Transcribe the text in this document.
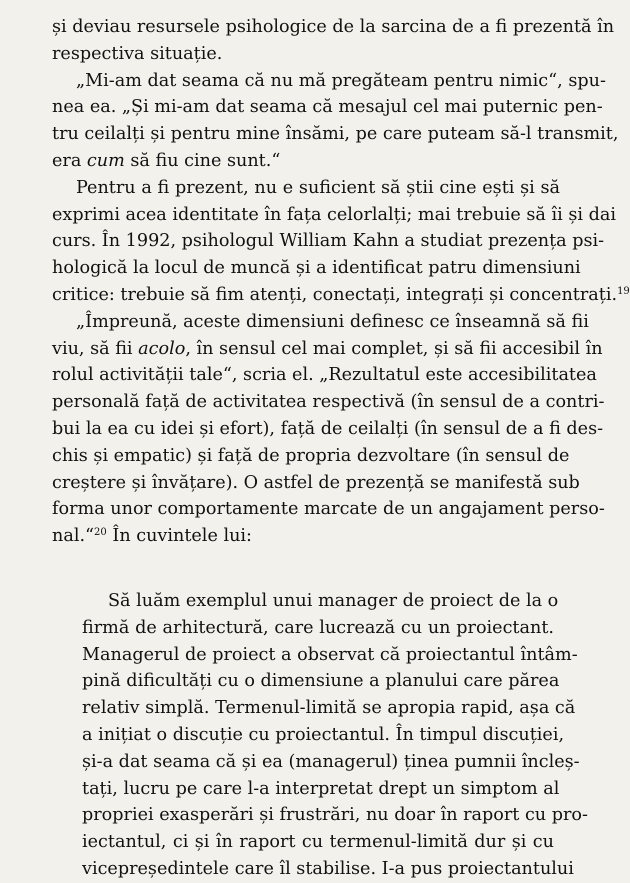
și deviau resursele psihologice de la sarcina de a fi prezentă în
respectiva situație.
„Mi-am dat seama că nu mă pregăteam pentru nimic“, spu-
nea ea. „Și mi-am dat seama că mesajul cel mai puternic pen-
tru ceilalți și pentru mine însămi, pe care puteam să-l transmit,
era cum să fiu cine sunt.“
Pentru a fi prezent, nu e suficient să știi cine ești și să
exprimi acea identitate în fața celorlalți; mai trebuie să îi și dai
curs. În 1992, psihologul William Kahn a studiat prezența psi-
hologică la locul de muncă și a identificat patru dimensiuni
critice: trebuie să fim atenți, conectați, integrați și concentrați.$^{19}$
„Împreună, aceste dimensiuni definesc ce înseamnă să fii
viu, să fii acolo, în sensul cel mai complet, și să fii accesibil în
rolul activității tale“, scria el. „Rezultatul este accesibilitatea
personală față de activitatea respectivă (în sensul de a contri-
bui la ea cu idei și efort), față de ceilalți (în sensul de a fi des-
chis și empatic) și față de propria dezvoltare (în sensul de
creștere și învățare). O astfel de prezență se manifestă sub
forma unor comportamente marcate de un angajament perso-
nal.“$^{20}$ În cuvintele lui:
Să luăm exemplul unui manager de proiect de la o
firmă de arhitectură, care lucrează cu un proiectant.
Managerul de proiect a observat că proiectantul întâm-
pină dificultăți cu o dimensiune a planului care părea
relativ simplă. Termenul-limită se apropia rapid, așa că
a inițiat o discuție cu proiectantul. În timpul discuției,
și-a dat seama că și ea (managerul) ținea pumnii încleș-
tați, lucru pe care l-a interpretat drept un simptom al
propriei exasperări și frustrări, nu doar în raport cu pro-
iectantul, ci și în raport cu termenul-limită dur și cu
vicepreședintele care îl stabilise. I-a pus proiectantului
